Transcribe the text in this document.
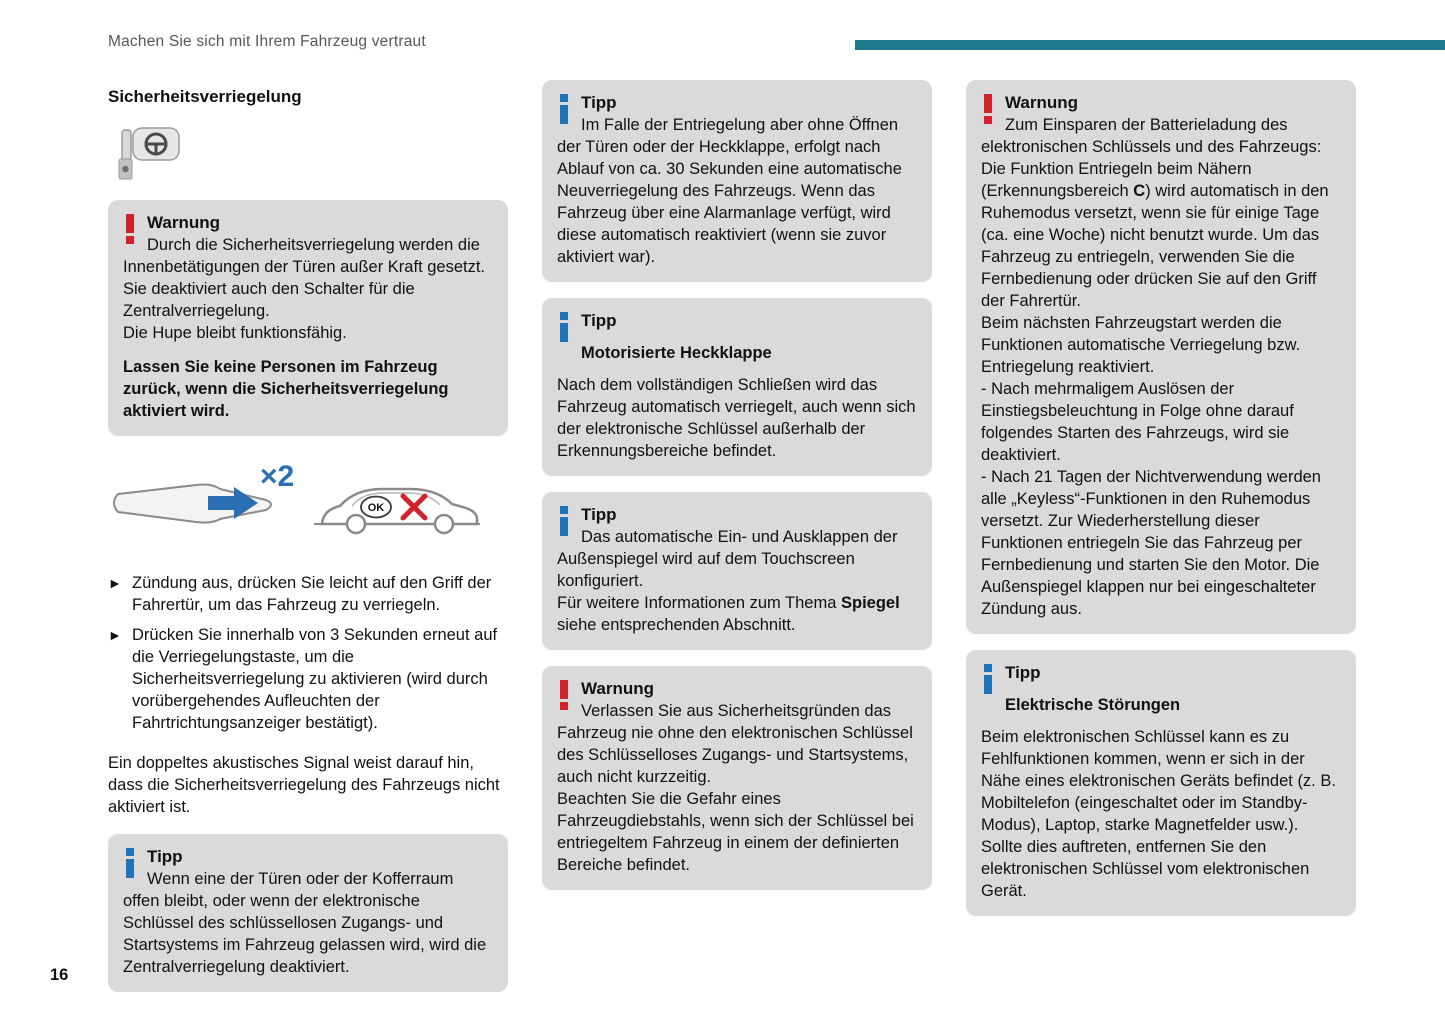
Machen Sie sich mit Ihrem Fahrzeug vertraut
Sicherheitsverriegelung
Warnung

Durch die Sicherheitsverriegelung werden die Innenbetätigungen der Türen außer Kraft gesetzt. Sie deaktiviert auch den Schalter für die Zentralverriegelung.

Die Hupe bleibt funktionsfähig.

Lassen Sie keine Personen im Fahrzeug zurück, wenn die Sicherheitsverriegelung aktiviert wird.

×2
OK
► Zündung aus, drücken Sie leicht auf den Griff der Fahrertür, um das Fahrzeug zu verriegeln.
► Drücken Sie innerhalb von 3 Sekunden erneut auf die Verriegelungstaste, um die Sicherheitsverriegelung zu aktivieren (wird durch vorübergehendes Aufleuchten der Fahrtrichtungsanzeiger bestätigt).

Ein doppeltes akustisches Signal weist darauf hin, dass die Sicherheitsverriegelung des Fahrzeugs nicht aktiviert ist.

Tipp

Wenn eine der Türen oder der Kofferraum offen bleibt, oder wenn der elektronische Schlüssel des schlüssellosen Zugangs- und Startsystems im Fahrzeug gelassen wird, wird die Zentralverriegelung deaktiviert.

Tipp

Im Falle der Entriegelung aber ohne Öffnen der Türen oder der Heckklappe, erfolgt nach Ablauf von ca. 30 Sekunden eine automatische Neuverriegelung des Fahrzeugs. Wenn das Fahrzeug über eine Alarmanlage verfügt, wird diese automatisch reaktiviert (wenn sie zuvor aktiviert war).

Tipp
Motorisierte Heckklappe

Nach dem vollständigen Schließen wird das Fahrzeug automatisch verriegelt, auch wenn sich der elektronische Schlüssel außerhalb der Erkennungsbereiche befindet.

Tipp

Das automatische Ein- und Ausklappen der Außenspiegel wird auf dem Touchscreen konfiguriert.

Für weitere Informationen zum Thema Spiegel siehe entsprechenden Abschnitt.

Warnung

Verlassen Sie aus Sicherheitsgründen das Fahrzeug nie ohne den elektronischen Schlüssel des Schlüsselloses Zugangs- und Startsystems, auch nicht kurzzeitig.

Beachten Sie die Gefahr eines Fahrzeugdiebstahls, wenn sich der Schlüssel bei entriegeltem Fahrzeug in einem der definierten Bereiche befindet.

Warnung

Zum Einsparen der Batterieladung des elektronischen Schlüssels und des Fahrzeugs:

Die Funktion Entriegeln beim Nähern (Erkennungsbereich C) wird automatisch in den Ruhemodus versetzt, wenn sie für einige Tage (ca. eine Woche) nicht benutzt wurde. Um das Fahrzeug zu entriegeln, verwenden Sie die Fernbedienung oder drücken Sie auf den Griff der Fahrertür.

Beim nächsten Fahrzeugstart werden die Funktionen automatische Verriegelung bzw. Entriegelung reaktiviert.

- Nach mehrmaligem Auslösen der Einstiegsbeleuchtung in Folge ohne darauf folgendes Starten des Fahrzeugs, wird sie deaktiviert.

- Nach 21 Tagen der Nichtverwendung werden alle „Keyless“-Funktionen in den Ruhemodus versetzt. Zur Wiederherstellung dieser Funktionen entriegeln Sie das Fahrzeug per Fernbedienung und starten Sie den Motor. Die Außenspiegel klappen nur bei eingeschalteter Zündung aus.

Tipp
Elektrische Störungen

Beim elektronischen Schlüssel kann es zu Fehlfunktionen kommen, wenn er sich in der Nähe eines elektronischen Geräts befindet (z. B. Mobiltelefon (eingeschaltet oder im Standby-Modus), Laptop, starke Magnetfelder usw.). Sollte dies auftreten, entfernen Sie den elektronischen Schlüssel vom elektronischen Gerät.

16
